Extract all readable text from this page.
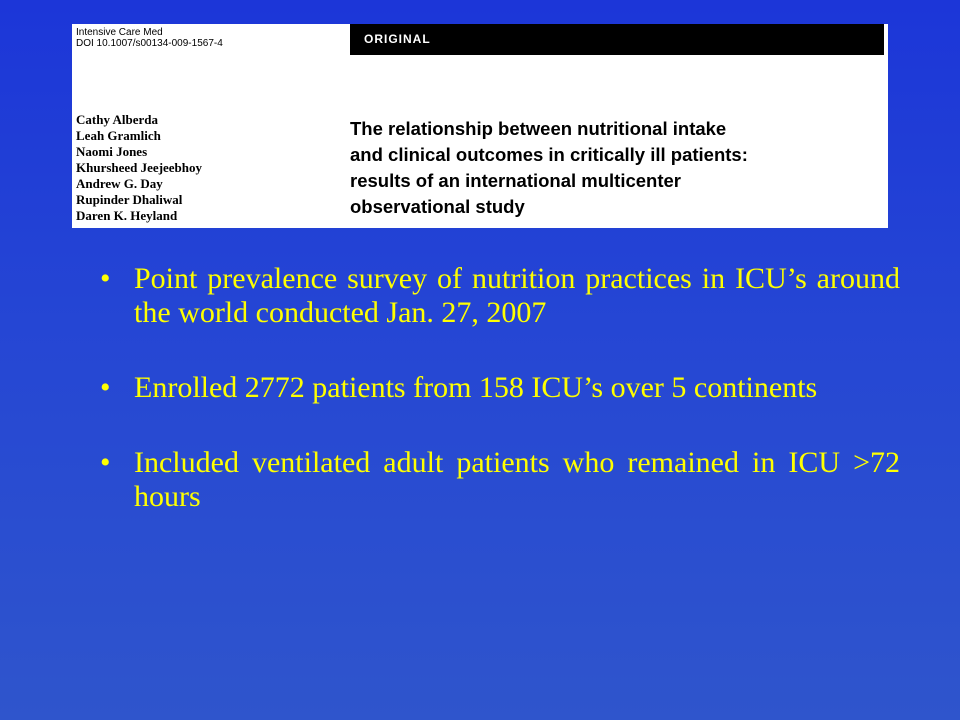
Intensive Care Med
DOI 10.1007/s00134-009-1567-4	ORIGINAL
Cathy Alberda
Leah Gramlich
Naomi Jones
Khursheed Jeejeebhoy
Andrew G. Day
Rupinder Dhaliwal
Daren K. Heyland
The relationship between nutritional intake
and clinical outcomes in critically ill patients:
results of an international multicenter
observational study
• Point prevalence survey of nutrition practices in ICU’s around the world conducted Jan. 27, 2007
• Enrolled 2772 patients from 158 ICU’s over 5 continents
• Included ventilated adult patients who remained in ICU >72 hours
